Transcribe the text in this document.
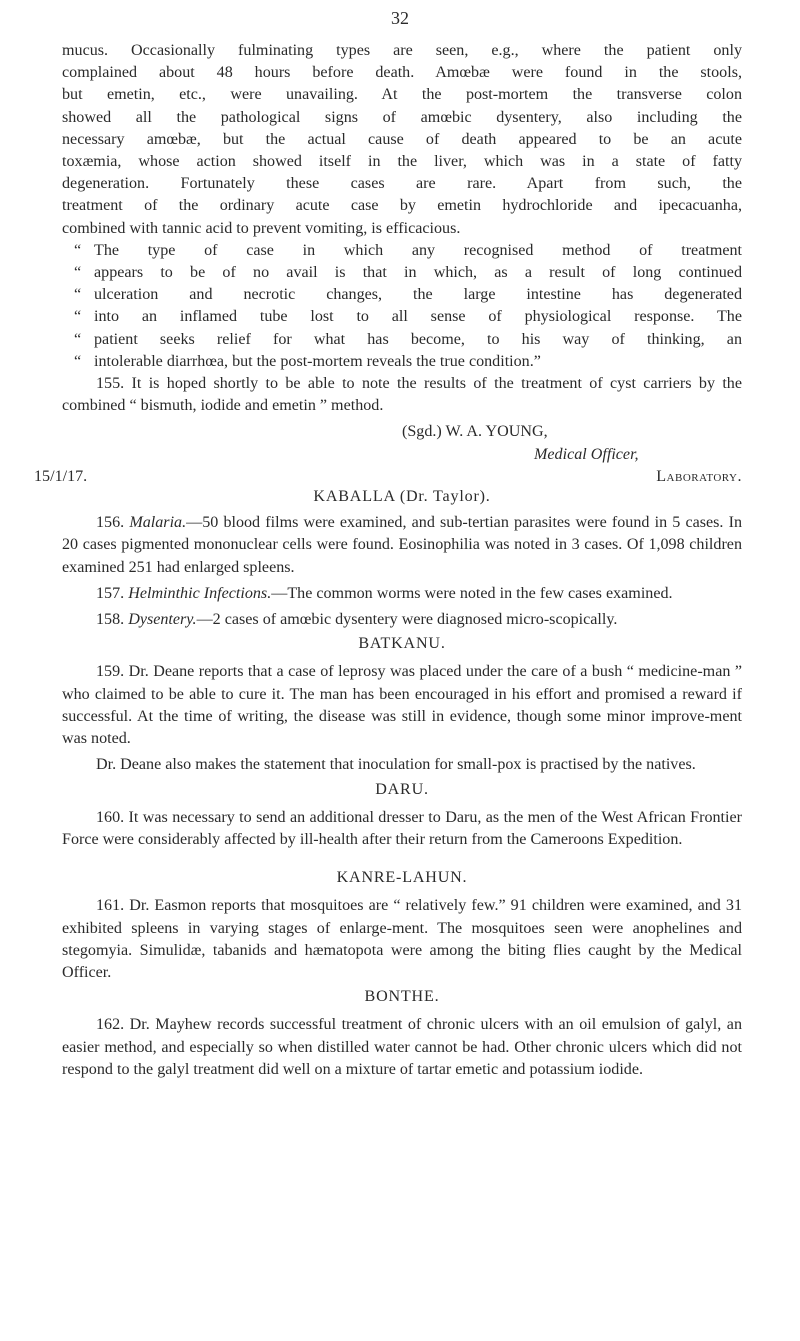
32

mucus. Occasionally fulminating types are seen, e.g., where the patient only
complained about 48 hours before death. Amœbæ were found in the stools,
but emetin, etc., were unavailing. At the post-mortem the transverse colon
showed all the pathological signs of amœbic dysentery, also including the
necessary amœbæ, but the actual cause of death appeared to be an acute
toxæmia, whose action showed itself in the liver, which was in a state of fatty
degeneration. Fortunately these cases are rare. Apart from such, the
treatment of the ordinary acute case by emetin hydrochloride and ipecacuanha,
combined with tannic acid to prevent vomiting, is efficacious.

“ The type of case in which any recognised method of treatment
“ appears to be of no avail is that in which, as a result of long continued
“ ulceration and necrotic changes, the large intestine has degenerated
“ into an inflamed tube lost to all sense of physiological response. The
“ patient seeks relief for what has become, to his way of thinking, an
“ intolerable diarrhœa, but the post-mortem reveals the true condition.”

155. It is hoped shortly to be able to note the results of the treatment of cyst carriers by the combined “ bismuth, iodide and emetin ” method.

(Sgd.) W. A. YOUNG,
Medical Officer,
15/1/17.	Laboratory.
KABALLA (Dr. Taylor).

156. Malaria.—50 blood films were examined, and sub-tertian parasites were found in 5 cases. In 20 cases pigmented mononuclear cells were found. Eosinophilia was noted in 3 cases. Of 1,098 children examined 251 had enlarged spleens.

157. Helminthic Infections.—The common worms were noted in the few cases examined.

158. Dysentery.—2 cases of amœbic dysentery were diagnosed micro-scopically.

BATKANU.

159. Dr. Deane reports that a case of leprosy was placed under the care of a bush “ medicine-man ” who claimed to be able to cure it. The man has been encouraged in his effort and promised a reward if successful. At the time of writing, the disease was still in evidence, though some minor improve-ment was noted.

Dr. Deane also makes the statement that inoculation for small-pox is practised by the natives.

DARU.

160. It was necessary to send an additional dresser to Daru, as the men of the West African Frontier Force were considerably affected by ill-health after their return from the Cameroons Expedition.

KANRE-LAHUN.

161. Dr. Easmon reports that mosquitoes are “ relatively few.” 91 children were examined, and 31 exhibited spleens in varying stages of enlarge-ment. The mosquitoes seen were anophelines and stegomyia. Simulidæ, tabanids and hæmatopota were among the biting flies caught by the Medical Officer.

BONTHE.

162. Dr. Mayhew records successful treatment of chronic ulcers with an oil emulsion of galyl, an easier method, and especially so when distilled water cannot be had. Other chronic ulcers which did not respond to the galyl treatment did well on a mixture of tartar emetic and potassium iodide.
